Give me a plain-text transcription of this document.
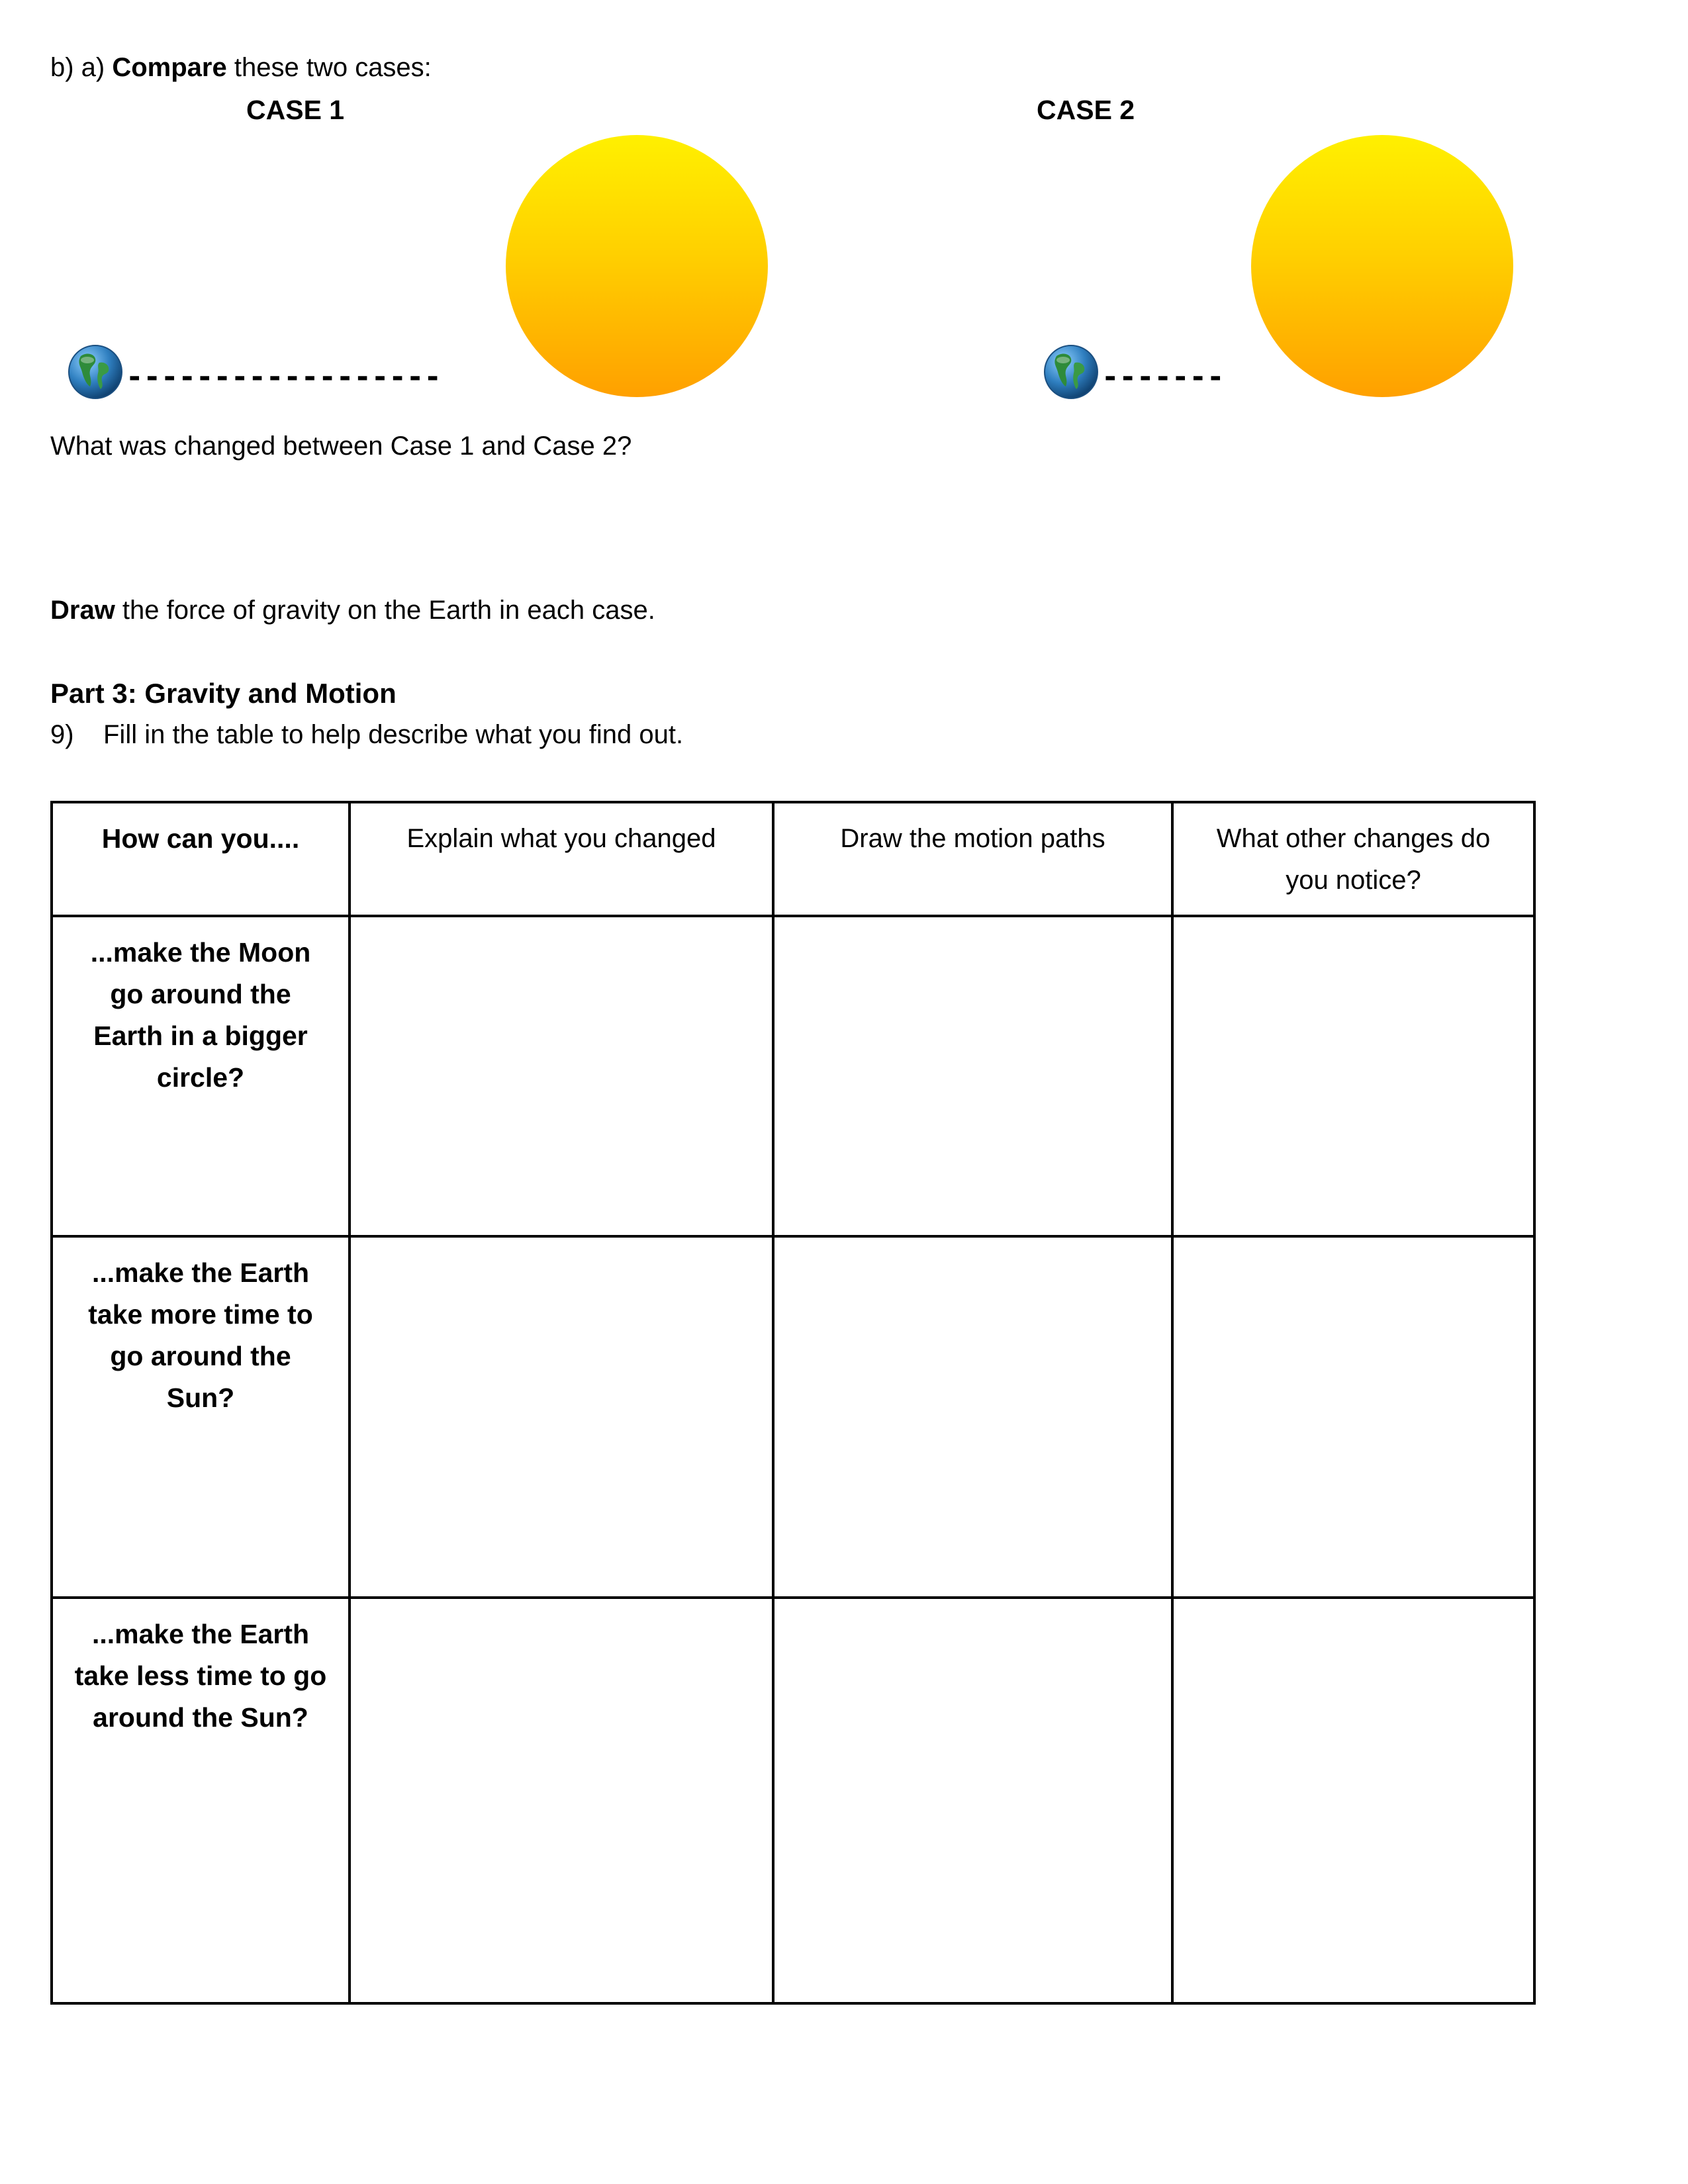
b) a) Compare these two cases:
CASE 1	CASE 2
------------------	-------
What was changed between Case 1 and Case 2?
Draw the force of gravity on the Earth in each case.
Part 3: Gravity and Motion
9) Fill in the table to help describe what you find out.
How can you....	Explain what you changed	Draw the motion paths	What other changes do you notice?

...make the Moon go around the Earth in a bigger circle?			

...make the Earth take more time to go around the Sun?			

...make the Earth take less time to go around the Sun?			
